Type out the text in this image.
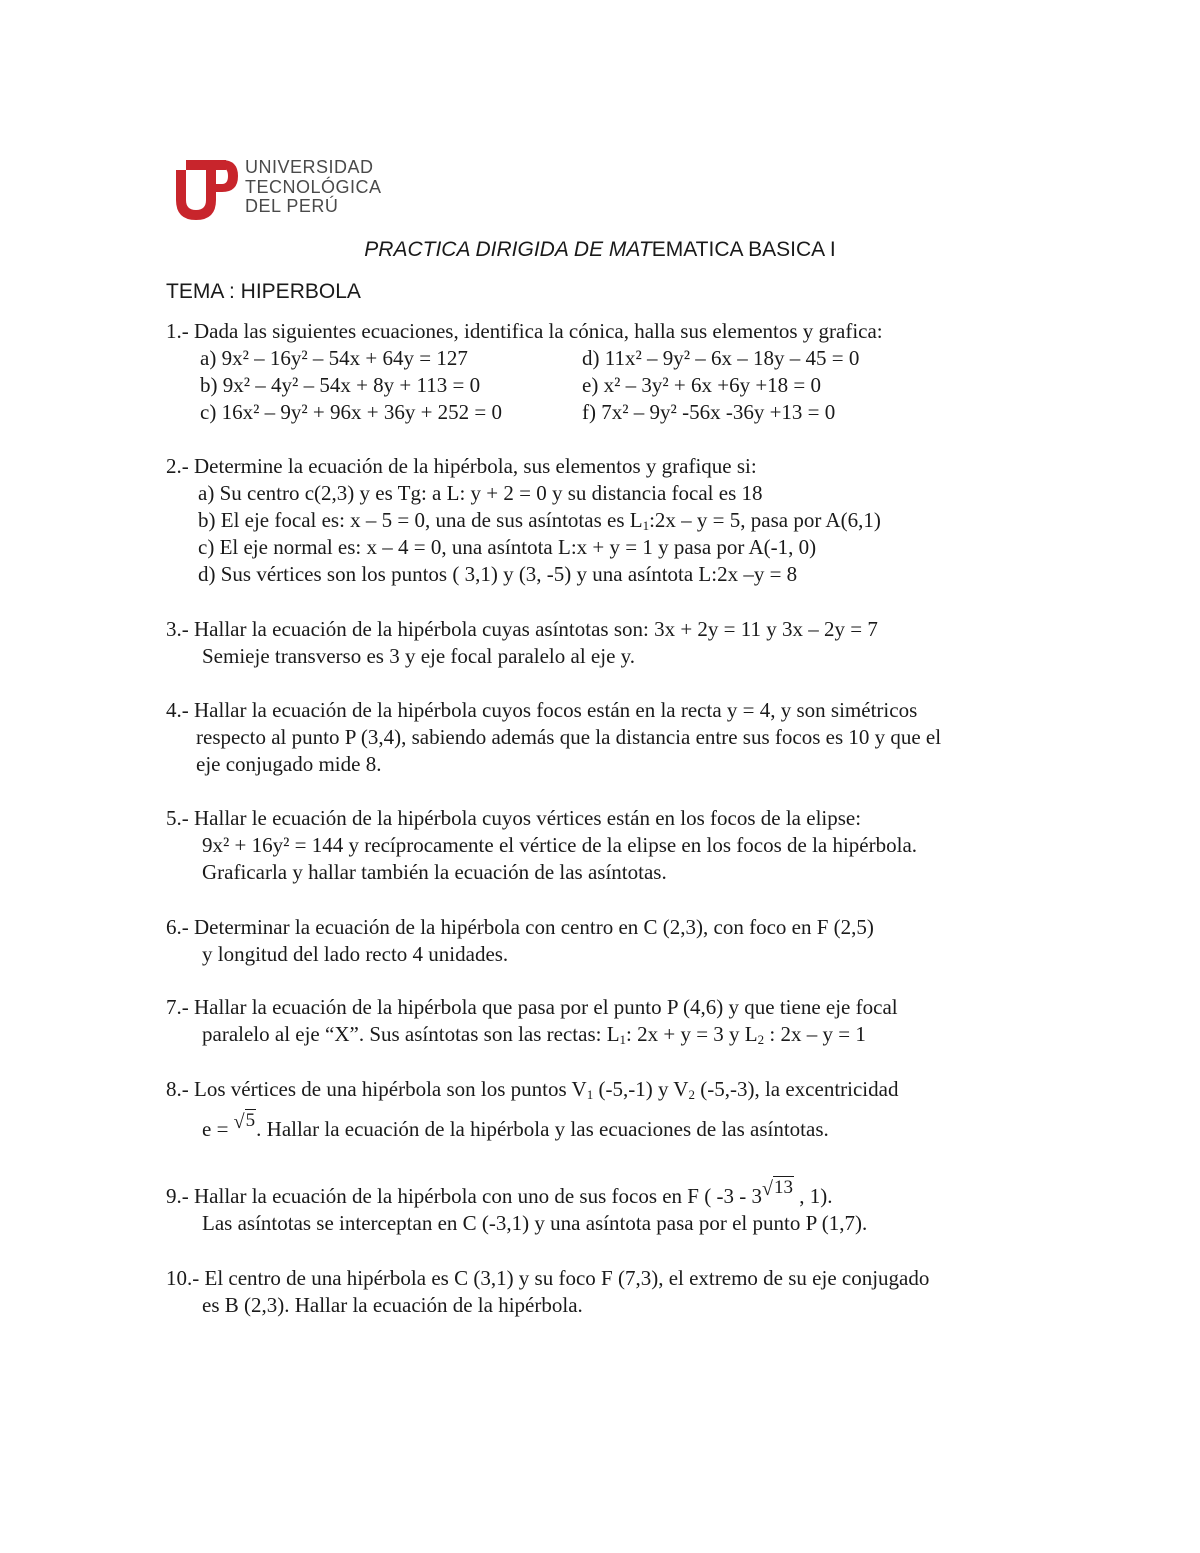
UNIVERSIDAD
TECNOLÓGICA
DEL PERÚ
PRACTICA DIRIGIDA DE MATEMATICA BASICA I
TEMA : HIPERBOLA
1.- Dada las siguientes ecuaciones, identifica la cónica, halla sus elementos y grafica:
a) 9x² – 16y² – 54x + 64y = 127
b) 9x² – 4y² – 54x + 8y + 113 = 0
c) 16x² – 9y² + 96x + 36y + 252 = 0
d) 11x² – 9y² – 6x – 18y – 45 = 0
e) x² – 3y² + 6x +6y +18 = 0
f) 7x² – 9y² -56x -36y +13 = 0
2.- Determine la ecuación de la hipérbola, sus elementos y grafique si:
a) Su centro c(2,3) y es Tg: a L: y + 2 = 0 y su distancia focal es 18
b) El eje focal es: x – 5 = 0, una de sus asíntotas es $L_1:2x - y = 5$, pasa por A(6,1)
c) El eje normal es: x – 4 = 0, una asíntota L:x + y = 1 y pasa por A(-1, 0)
d) Sus vértices son los puntos ( 3,1) y (3, -5) y una asíntota L:2x –y = 8
3.- Hallar la ecuación de la hipérbola cuyas asíntotas son: 3x + 2y = 11 y 3x – 2y = 7
Semieje transverso es 3 y eje focal paralelo al eje y.
4.- Hallar la ecuación de la hipérbola cuyos focos están en la recta y = 4, y son simétricos
respecto al punto P (3,4), sabiendo además que la distancia entre sus focos es 10 y que el
eje conjugado mide 8.
5.- Hallar le ecuación de la hipérbola cuyos vértices están en los focos de la elipse:
9x² + 16y² = 144 y recíprocamente el vértice de la elipse en los focos de la hipérbola.
Graficarla y hallar también la ecuación de las asíntotas.
6.- Determinar la ecuación de la hipérbola con centro en C (2,3), con foco en F (2,5)
y longitud del lado recto 4 unidades.
7.- Hallar la ecuación de la hipérbola que pasa por el punto P (4,6) y que tiene eje focal
paralelo al eje “X”. Sus asíntotas son las rectas: $L_1$: 2x + y = 3 y $L_2$ : 2x – y = 1
8.- Los vértices de una hipérbola son los puntos $V_1$ (-5,-1) y $V_2$ (-5,-3), la excentricidad
e = √5. Hallar la ecuación de la hipérbola y las ecuaciones de las asíntotas.
9.- Hallar la ecuación de la hipérbola con uno de sus focos en F ( -3 - 3√13 , 1).
Las asíntotas se interceptan en C (-3,1) y una asíntota pasa por el punto P (1,7).
10.- El centro de una hipérbola es C (3,1) y su foco F (7,3), el extremo de su eje conjugado
es B (2,3). Hallar la ecuación de la hipérbola.
